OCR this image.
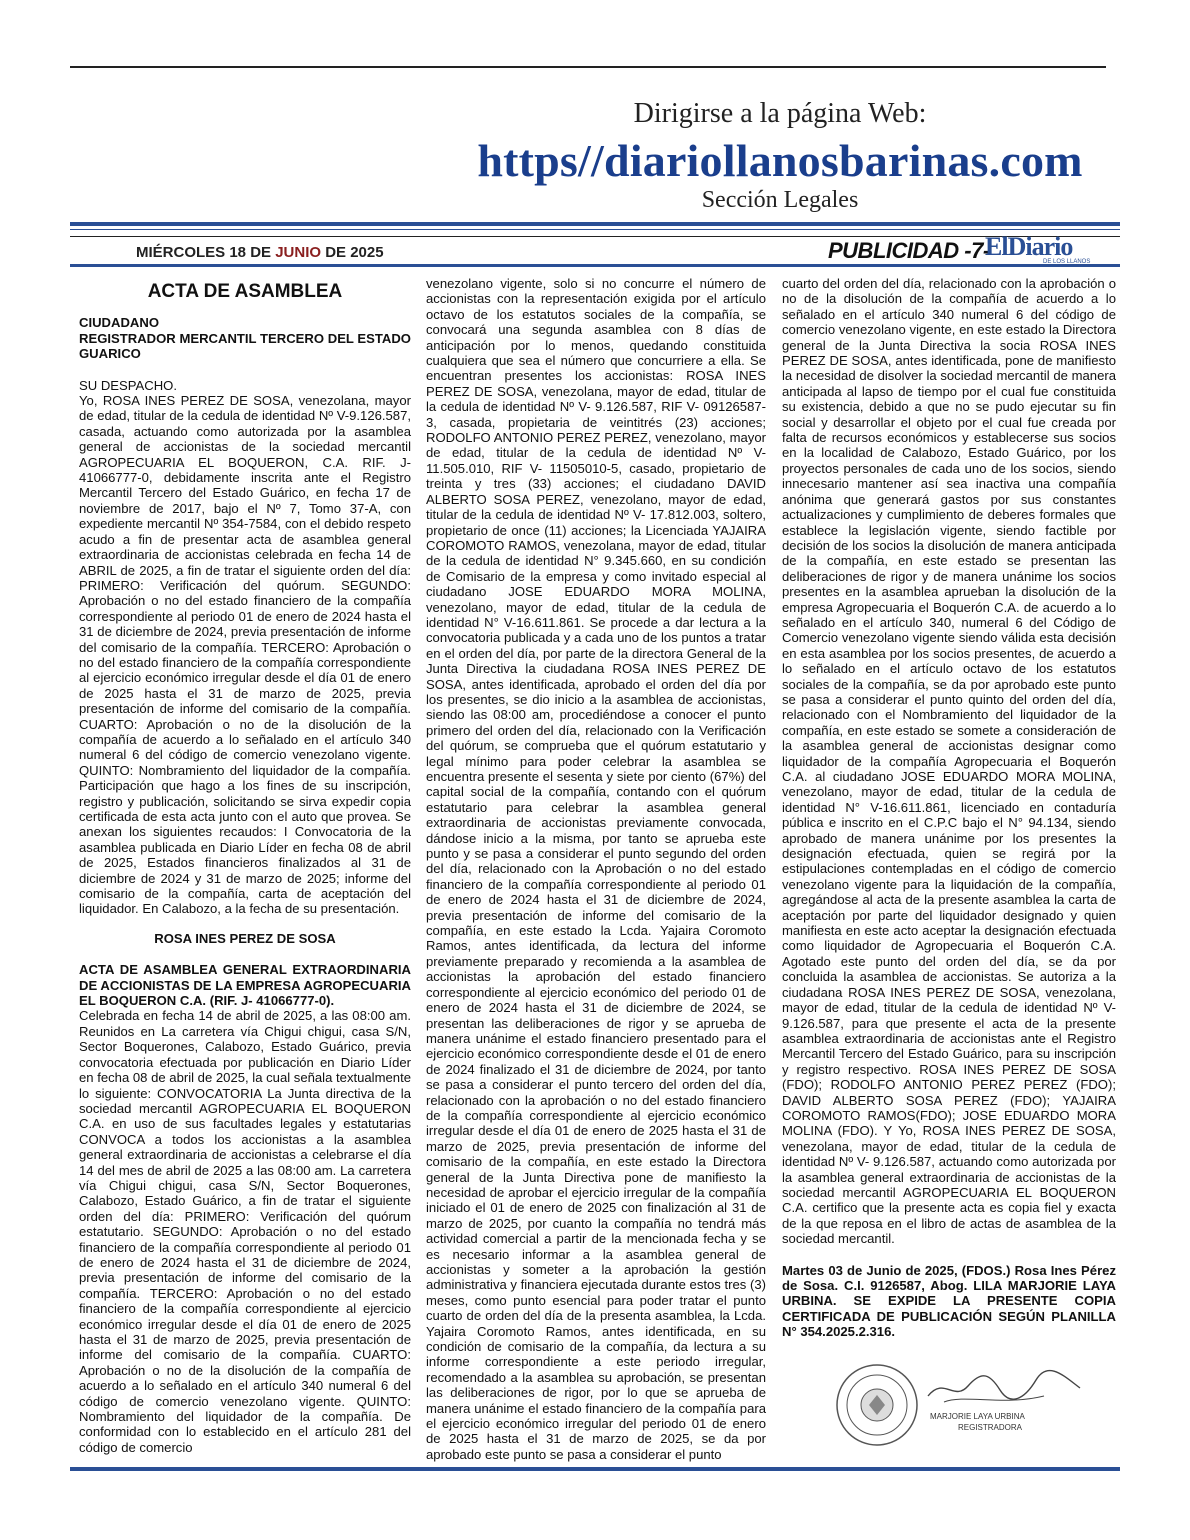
Dirigirse a la página Web:
https//diariollanosbarinas.com
Sección Legales
MIÉRCOLES 18 DE JUNIO DE 2025	PUBLICIDAD -7-
ElDiario
DE LOS LLANOS
ACTA DE ASAMBLEA

CIUDADANO
REGISTRADOR MERCANTIL TERCERO DEL ESTADO GUARICO

SU DESPACHO.
Yo, ROSA INES PEREZ DE SOSA, venezolana, mayor de edad, titular de la cedula de identidad Nº V-9.126.587, casada, actuando como autorizada por la asamblea general de accionistas de la sociedad mercantil AGROPECUARIA EL BOQUERON, C.A. RIF. J- 41066777-0, debidamente inscrita ante el Registro Mercantil Tercero del Estado Guárico, en fecha 17 de noviembre de 2017, bajo el Nº 7, Tomo 37-A, con expediente mercantil Nº 354-7584, con el debido respeto acudo a fin de presentar acta de asamblea general extraordinaria de accionistas celebrada en fecha 14 de ABRIL de 2025, a fin de tratar el siguiente orden del día: PRIMERO: Verificación del quórum. SEGUNDO: Aprobación o no del estado financiero de la compañía correspondiente al periodo 01 de enero de 2024 hasta el 31 de diciembre de 2024, previa presentación de informe del comisario de la compañía. TERCERO: Aprobación o no del estado financiero de la compañía correspondiente al ejercicio económico irregular desde el día 01 de enero de 2025 hasta el 31 de marzo de 2025, previa presentación de informe del comisario de la compañía. CUARTO: Aprobación o no de la disolución de la compañía de acuerdo a lo señalado en el artículo 340 numeral 6 del código de comercio venezolano vigente. QUINTO: Nombramiento del liquidador de la compañía. Participación que hago a los fines de su inscripción, registro y publicación, solicitando se sirva expedir copia certificada de esta acta junto con el auto que provea. Se anexan los siguientes recaudos: I Convocatoria de la asamblea publicada en Diario Líder en fecha 08 de abril de 2025, Estados financieros finalizados al 31 de diciembre de 2024 y 31 de marzo de 2025; informe del comisario de la compañía, carta de aceptación del liquidador. En Calabozo, a la fecha de su presentación.

ROSA INES PEREZ DE SOSA

ACTA DE ASAMBLEA GENERAL EXTRAORDINARIA DE ACCIONISTAS DE LA EMPRESA AGROPECUARIA EL BOQUERON C.A. (RIF. J- 41066777-0).

Celebrada en fecha 14 de abril de 2025, a las 08:00 am. Reunidos en La carretera vía Chigui chigui, casa S/N, Sector Boquerones, Calabozo, Estado Guárico, previa convocatoria efectuada por publicación en Diario Líder en fecha 08 de abril de 2025, la cual señala textualmente lo siguiente: CONVOCATORIA La Junta directiva de la sociedad mercantil AGROPECUARIA EL BOQUERON C.A. en uso de sus facultades legales y estatutarias CONVOCA a todos los accionistas a la asamblea general extraordinaria de accionistas a celebrarse el día 14 del mes de abril de 2025 a las 08:00 am. La carretera vía Chigui chigui, casa S/N, Sector Boquerones, Calabozo, Estado Guárico, a fin de tratar el siguiente orden del día: PRIMERO: Verificación del quórum estatutario. SEGUNDO: Aprobación o no del estado financiero de la compañía correspondiente al periodo 01 de enero de 2024 hasta el 31 de diciembre de 2024, previa presentación de informe del comisario de la compañía. TERCERO: Aprobación o no del estado financiero de la compañía correspondiente al ejercicio económico irregular desde el día 01 de enero de 2025 hasta el 31 de marzo de 2025, previa presentación de informe del comisario de la compañía. CUARTO: Aprobación o no de la disolución de la compañía de acuerdo a lo señalado en el artículo 340 numeral 6 del código de comercio venezolano vigente. QUINTO: Nombramiento del liquidador de la compañía. De conformidad con lo establecido en el artículo 281 del código de comercio

venezolano vigente, solo si no concurre el número de accionistas con la representación exigida por el artículo octavo de los estatutos sociales de la compañía, se convocará una segunda asamblea con 8 días de anticipación por lo menos, quedando constituida cualquiera que sea el número que concurriere a ella. Se encuentran presentes los accionistas: ROSA INES PEREZ DE SOSA, venezolana, mayor de edad, titular de la cedula de identidad Nº V- 9.126.587, RIF V- 09126587-3, casada, propietaria de veintitrés (23) acciones; RODOLFO ANTONIO PEREZ PEREZ, venezolano, mayor de edad, titular de la cedula de identidad Nº V- 11.505.010, RIF V- 11505010-5, casado, propietario de treinta y tres (33) acciones; el ciudadano DAVID ALBERTO SOSA PEREZ, venezolano, mayor de edad, titular de la cedula de identidad Nº V- 17.812.003, soltero, propietario de once (11) acciones; la Licenciada YAJAIRA COROMOTO RAMOS, venezolana, mayor de edad, titular de la cedula de identidad N° 9.345.660, en su condición de Comisario de la empresa y como invitado especial al ciudadano JOSE EDUARDO MORA MOLINA, venezolano, mayor de edad, titular de la cedula de identidad N° V-16.611.861. Se procede a dar lectura a la convocatoria publicada y a cada uno de los puntos a tratar en el orden del día, por parte de la directora General de la Junta Directiva la ciudadana ROSA INES PEREZ DE SOSA, antes identificada, aprobado el orden del día por los presentes, se dio inicio a la asamblea de accionistas, siendo las 08:00 am, procediéndose a conocer el punto primero del orden del día, relacionado con la Verificación del quórum, se comprueba que el quórum estatutario y legal mínimo para poder celebrar la asamblea se encuentra presente el sesenta y siete por ciento (67%) del capital social de la compañía, contando con el quórum estatutario para celebrar la asamblea general extraordinaria de accionistas previamente convocada, dándose inicio a la misma, por tanto se aprueba este punto y se pasa a considerar el punto segundo del orden del día, relacionado con la Aprobación o no del estado financiero de la compañía correspondiente al periodo 01 de enero de 2024 hasta el 31 de diciembre de 2024, previa presentación de informe del comisario de la compañía, en este estado la Lcda. Yajaira Coromoto Ramos, antes identificada, da lectura del informe previamente preparado y recomienda a la asamblea de accionistas la aprobación del estado financiero correspondiente al ejercicio económico del periodo 01 de enero de 2024 hasta el 31 de diciembre de 2024, se presentan las deliberaciones de rigor y se aprueba de manera unánime el estado financiero presentado para el ejercicio económico correspondiente desde el 01 de enero de 2024 finalizado el 31 de diciembre de 2024, por tanto se pasa a considerar el punto tercero del orden del día, relacionado con la aprobación o no del estado financiero de la compañía correspondiente al ejercicio económico irregular desde el día 01 de enero de 2025 hasta el 31 de marzo de 2025, previa presentación de informe del comisario de la compañía, en este estado la Directora general de la Junta Directiva pone de manifiesto la necesidad de aprobar el ejercicio irregular de la compañía iniciado el 01 de enero de 2025 con finalización al 31 de marzo de 2025, por cuanto la compañía no tendrá más actividad comercial a partir de la mencionada fecha y se es necesario informar a la asamblea general de accionistas y someter a la aprobación la gestión administrativa y financiera ejecutada durante estos tres (3) meses, como punto esencial para poder tratar el punto cuarto de orden del día de la presenta asamblea, la Lcda. Yajaira Coromoto Ramos, antes identificada, en su condición de comisario de la compañía, da lectura a su informe correspondiente a este periodo irregular, recomendado a la asamblea su aprobación, se presentan las deliberaciones de rigor, por lo que se aprueba de manera unánime el estado financiero de la compañía para el ejercicio económico irregular del periodo 01 de enero de 2025 hasta el 31 de marzo de 2025, se da por aprobado este punto se pasa a considerar el punto

cuarto del orden del día, relacionado con la aprobación o no de la disolución de la compañía de acuerdo a lo señalado en el artículo 340 numeral 6 del código de comercio venezolano vigente, en este estado la Directora general de la Junta Directiva la socia ROSA INES PEREZ DE SOSA, antes identificada, pone de manifiesto la necesidad de disolver la sociedad mercantil de manera anticipada al lapso de tiempo por el cual fue constituida su existencia, debido a que no se pudo ejecutar su fin social y desarrollar el objeto por el cual fue creada por falta de recursos económicos y establecerse sus socios en la localidad de Calabozo, Estado Guárico, por los proyectos personales de cada uno de los socios, siendo innecesario mantener así sea inactiva una compañía anónima que generará gastos por sus constantes actualizaciones y cumplimiento de deberes formales que establece la legislación vigente, siendo factible por decisión de los socios la disolución de manera anticipada de la compañía, en este estado se presentan las deliberaciones de rigor y de manera unánime los socios presentes en la asamblea aprueban la disolución de la empresa Agropecuaria el Boquerón C.A. de acuerdo a lo señalado en el artículo 340, numeral 6 del Código de Comercio venezolano vigente siendo válida esta decisión en esta asamblea por los socios presentes, de acuerdo a lo señalado en el artículo octavo de los estatutos sociales de la compañía, se da por aprobado este punto se pasa a considerar el punto quinto del orden del día, relacionado con el Nombramiento del liquidador de la compañía, en este estado se somete a consideración de la asamblea general de accionistas designar como liquidador de la compañía Agropecuaria el Boquerón C.A. al ciudadano JOSE EDUARDO MORA MOLINA, venezolano, mayor de edad, titular de la cedula de identidad N° V-16.611.861, licenciado en contaduría pública e inscrito en el C.P.C bajo el N° 94.134, siendo aprobado de manera unánime por los presentes la designación efectuada, quien se regirá por la estipulaciones contempladas en el código de comercio venezolano vigente para la liquidación de la compañía, agregándose al acta de la presente asamblea la carta de aceptación por parte del liquidador designado y quien manifiesta en este acto aceptar la designación efectuada como liquidador de Agropecuaria el Boquerón C.A. Agotado este punto del orden del día, se da por concluida la asamblea de accionistas. Se autoriza a la ciudadana ROSA INES PEREZ DE SOSA, venezolana, mayor de edad, titular de la cedula de identidad Nº V- 9.126.587, para que presente el acta de la presente asamblea extraordinaria de accionistas ante el Registro Mercantil Tercero del Estado Guárico, para su inscripción y registro respectivo. ROSA INES PEREZ DE SOSA (FDO); RODOLFO ANTONIO PEREZ PEREZ (FDO); DAVID ALBERTO SOSA PEREZ (FDO); YAJAIRA COROMOTO RAMOS(FDO); JOSE EDUARDO MORA MOLINA (FDO). Y Yo, ROSA INES PEREZ DE SOSA, venezolana, mayor de edad, titular de la cedula de identidad Nº V- 9.126.587, actuando como autorizada por la asamblea general extraordinaria de accionistas de la sociedad mercantil AGROPECUARIA EL BOQUERON C.A. certifico que la presente acta es copia fiel y exacta de la que reposa en el libro de actas de asamblea de la sociedad mercantil.

Martes 03 de Junio de 2025, (FDOS.) Rosa Ines Pérez de Sosa. C.I. 9126587, Abog. LILA MARJORIE LAYA URBINA. SE EXPIDE LA PRESENTE COPIA CERTIFICADA DE PUBLICACIÓN SEGÚN PLANILLA N° 354.2025.2.316.

MARJORIE LAYA URBINA
REGISTRADORA
